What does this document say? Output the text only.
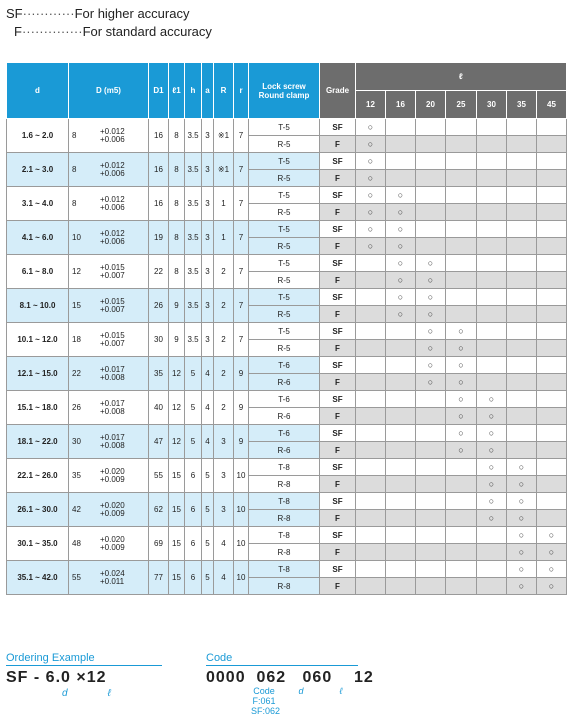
SF············For higher accuracy
F··············For standard accuracy
d	D (m5)	D1	ℓ1	h	a	R	r	Lock screw
Round clamp	Grade	ℓ						
										12	16	20	25	30	35	45
1.6 ~ 2.0	8 +0.012
+0.006	16	8	3.5	3	※1	7	T-5	SF	○						
								R-5	F	○						
2.1 ~ 3.0	8 +0.012
+0.006	16	8	3.5	3	※1	7	T-5	SF	○						
								R-5	F	○						
3.1 ~ 4.0	8 +0.012
+0.006	16	8	3.5	3	1	7	T-5	SF	○	○					
								R-5	F	○	○					
4.1 ~ 6.0	10 +0.012
+0.006	19	8	3.5	3	1	7	T-5	SF	○	○					
								R-5	F	○	○					
6.1 ~ 8.0	12 +0.015
+0.007	22	8	3.5	3	2	7	T-5	SF		○	○				
								R-5	F		○	○				
8.1 ~ 10.0	15 +0.015
+0.007	26	9	3.5	3	2	7	T-5	SF		○	○				
								R-5	F		○	○				
10.1 ~ 12.0	18 +0.015
+0.007	30	9	3.5	3	2	7	T-5	SF			○	○			
								R-5	F			○	○			
12.1 ~ 15.0	22 +0.017
+0.008	35	12	5	4	2	9	T-6	SF			○	○			
								R-6	F			○	○			
15.1 ~ 18.0	26 +0.017
+0.008	40	12	5	4	2	9	T-6	SF				○	○		
								R-6	F				○	○		
18.1 ~ 22.0	30 +0.017
+0.008	47	12	5	4	3	9	T-6	SF				○	○		
								R-6	F				○	○		
22.1 ~ 26.0	35 +0.020
+0.009	55	15	6	5	3	10	T-8	SF					○	○	
								R-8	F					○	○	
26.1 ~ 30.0	42 +0.020
+0.009	62	15	6	5	3	10	T-8	SF					○	○	
								R-8	F					○	○	
30.1 ~ 35.0	48 +0.020
+0.009	69	15	6	5	4	10	T-8	SF						○	○
								R-8	F						○	○
35.1 ~ 42.0	55 +0.024
+0.011	77	15	6	5	4	10	T-8	SF						○	○
								R-8	F						○	○
Ordering Example
SF - 6.0 ×12
d	ℓ
Code
0000 062 060 12
Code
F:061
SF:062
d	ℓ
